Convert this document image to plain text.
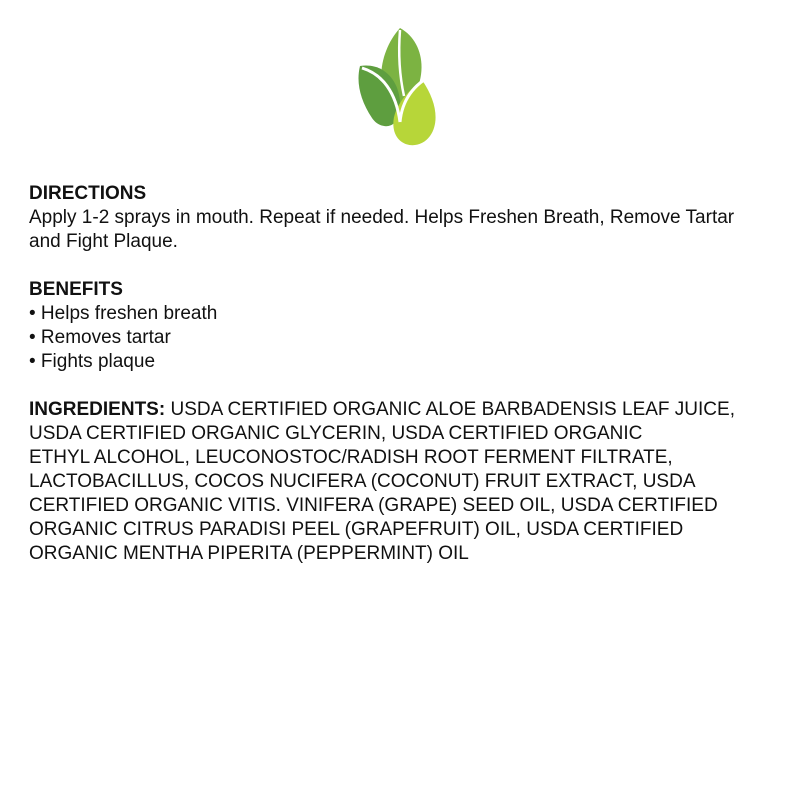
DIRECTIONS
Apply 1-2 sprays in mouth. Repeat if needed. Helps Freshen Breath, Remove Tartar and Fight Plaque.
BENEFITS
• Helps freshen breath
• Removes tartar
• Fights plaque
INGREDIENTS: USDA CERTIFIED ORGANIC ALOE BARBADENSIS LEAF JUICE,
USDA CERTIFIED ORGANIC GLYCERIN, USDA CERTIFIED ORGANIC
ETHYL ALCOHOL, LEUCONOSTOC/RADISH ROOT FERMENT FILTRATE,
LACTOBACILLUS, COCOS NUCIFERA (COCONUT) FRUIT EXTRACT, USDA
CERTIFIED ORGANIC VITIS. VINIFERA (GRAPE) SEED OIL, USDA CERTIFIED
ORGANIC CITRUS PARADISI PEEL (GRAPEFRUIT) OIL, USDA CERTIFIED
ORGANIC MENTHA PIPERITA (PEPPERMINT) OIL
